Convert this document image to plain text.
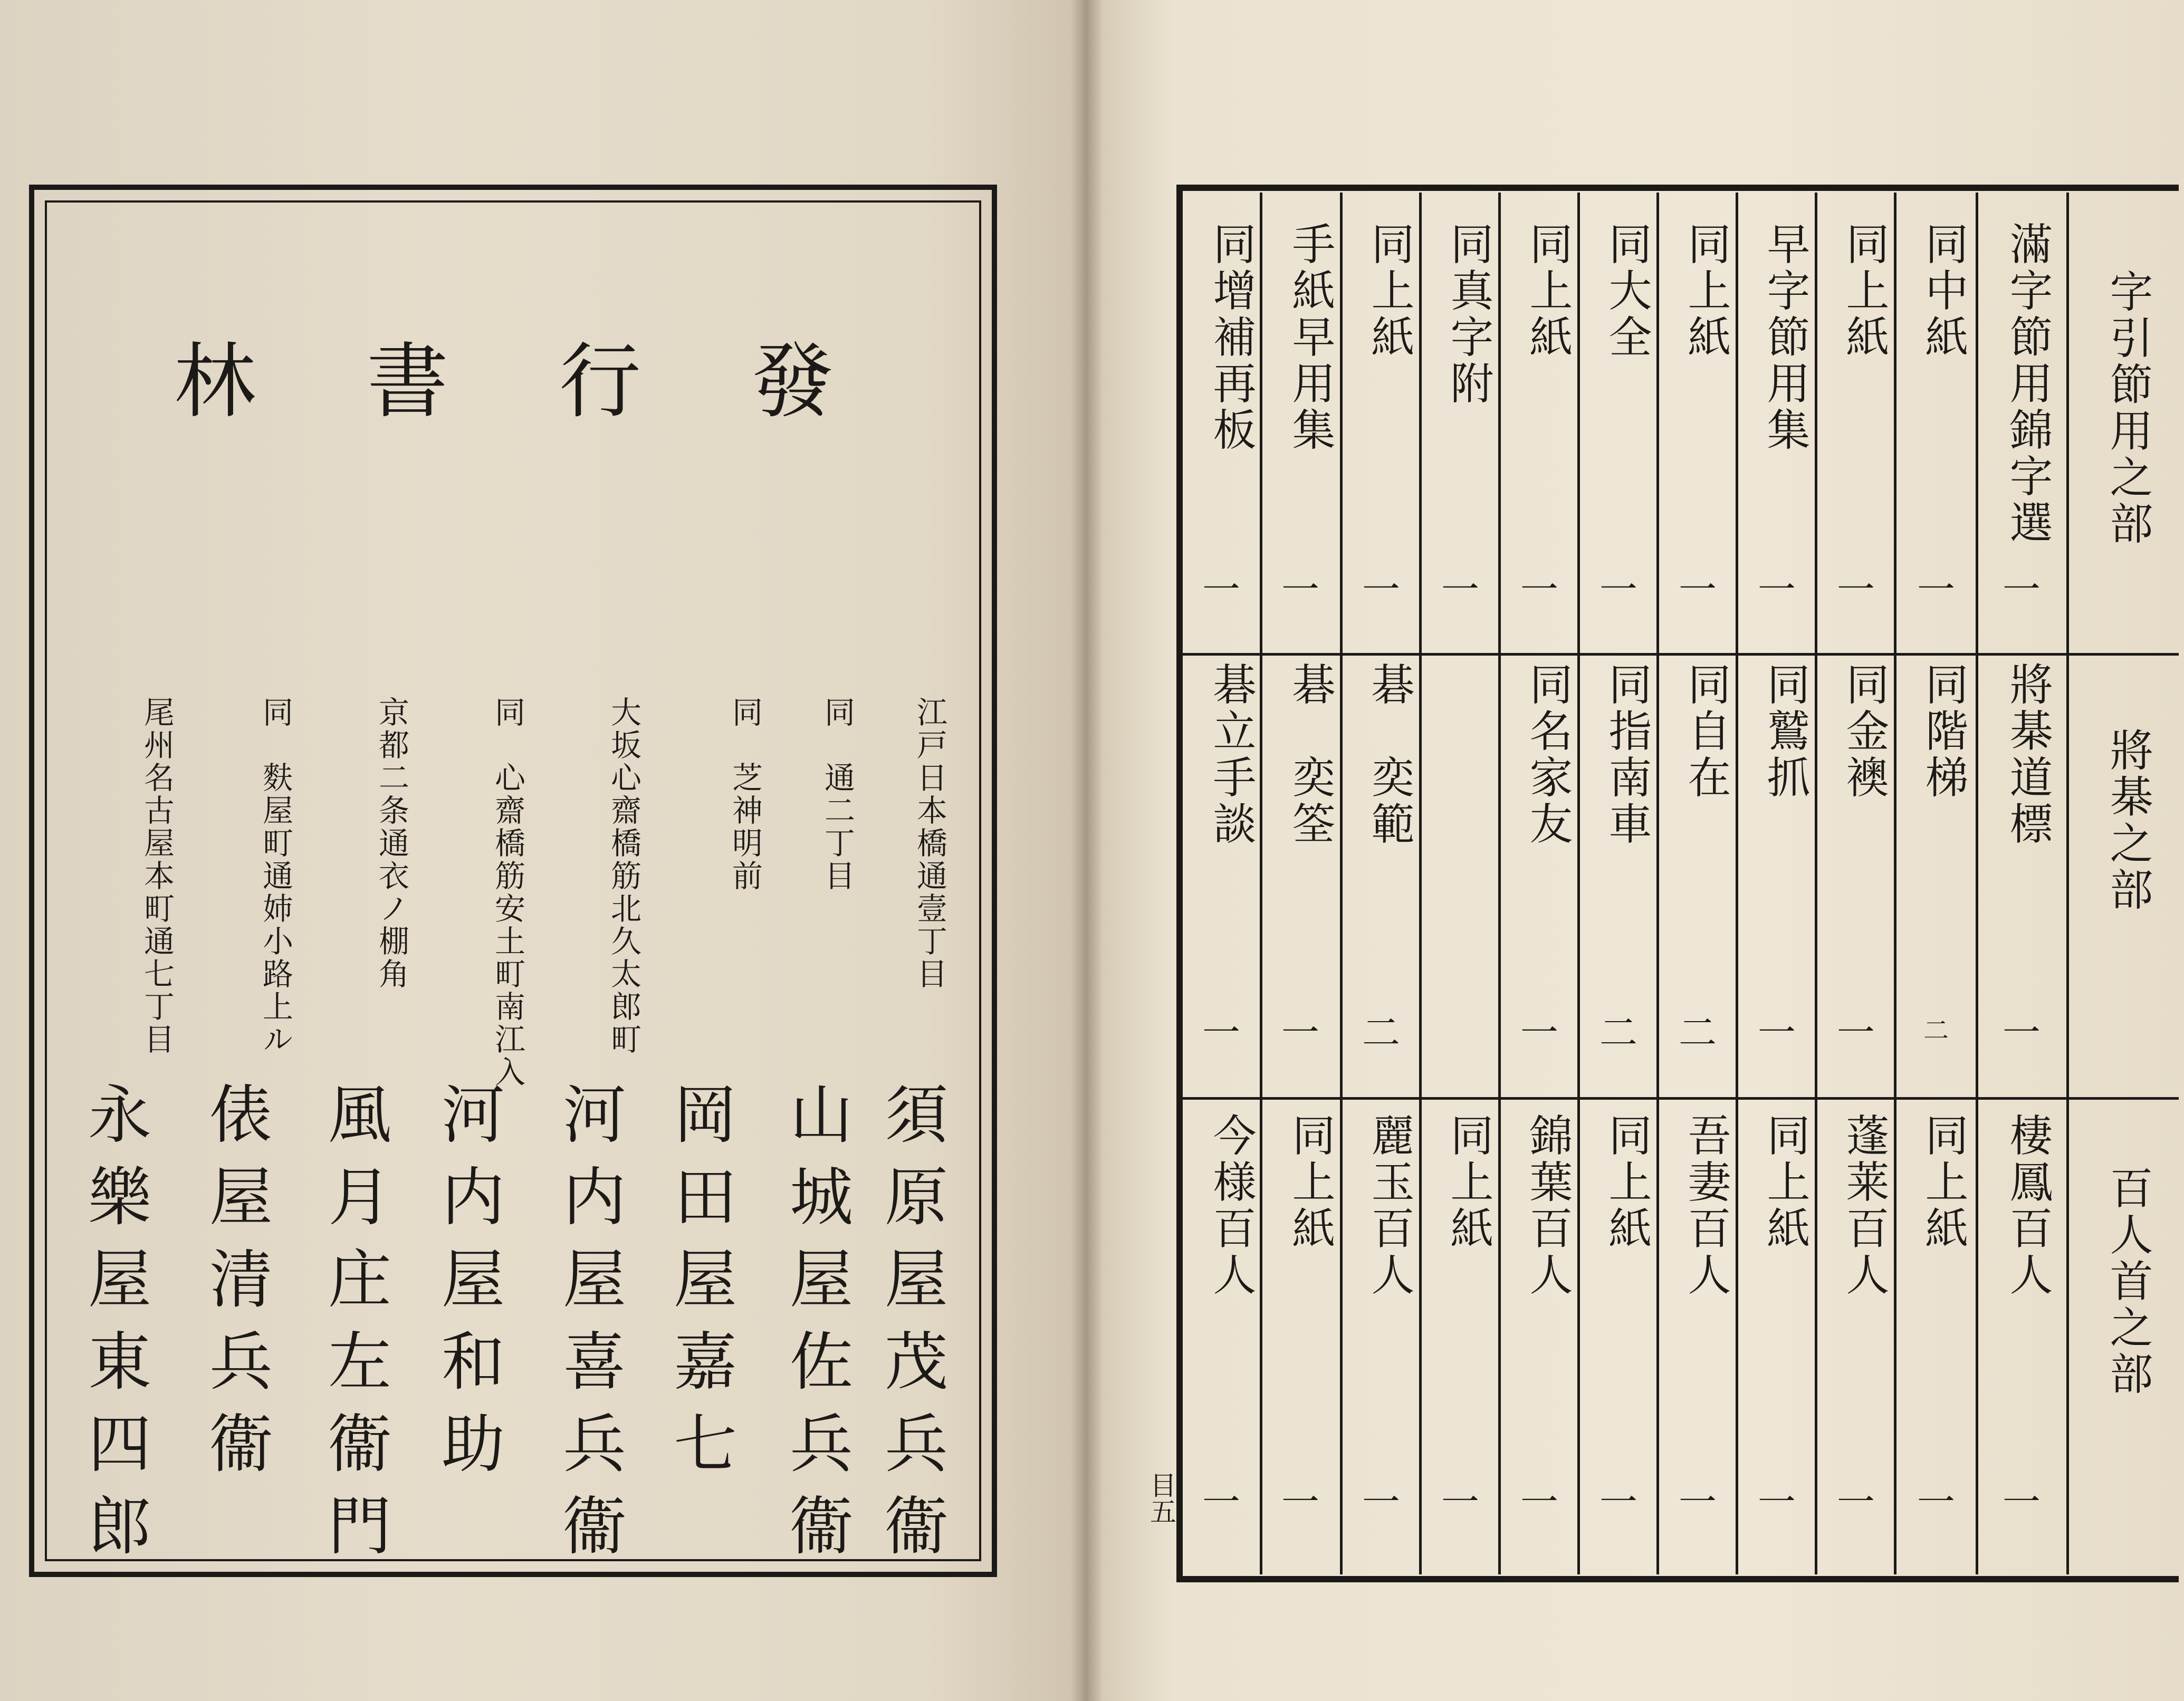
發行書林
江戸日本橋通壹丁目
須原屋茂兵衞
同　通二丁目
山城屋佐兵衞
同　芝神明前
岡田屋嘉七
大坂心齋橋筋北久太郎町
河内屋喜兵衞
同　心齋橋筋安土町南江入
河内屋和助
京都二条通衣ノ棚角
風月庄左衞門
同　麩屋町通姉小路上ル
俵屋清兵衞
尾州名古屋本町通七丁目
永樂屋東四郎
字引節用之部
將棊之部
百人首之部
滿字節用錦字選
一
將棊道標
一
棲鳳百人
一
同中紙
一
同階梯
二
同上紙
一
同上紙
一
同金襖
一
蓬莱百人
一
早字節用集
一
同鷲抓
一
同上紙
一
同上紙
一
同自在
二
吾妻百人
一
同大全
一
同指南車
二
同上紙
一
同上紙
一
同名家友
一
錦葉百人
一
同真字附
一
同上紙
一
同上紙
一
碁　奕範
二
麗玉百人
一
手紙早用集
一
碁　奕筌
一
同上紙
一
同增補再板
一
碁立手談
一
今様百人
一
目五
